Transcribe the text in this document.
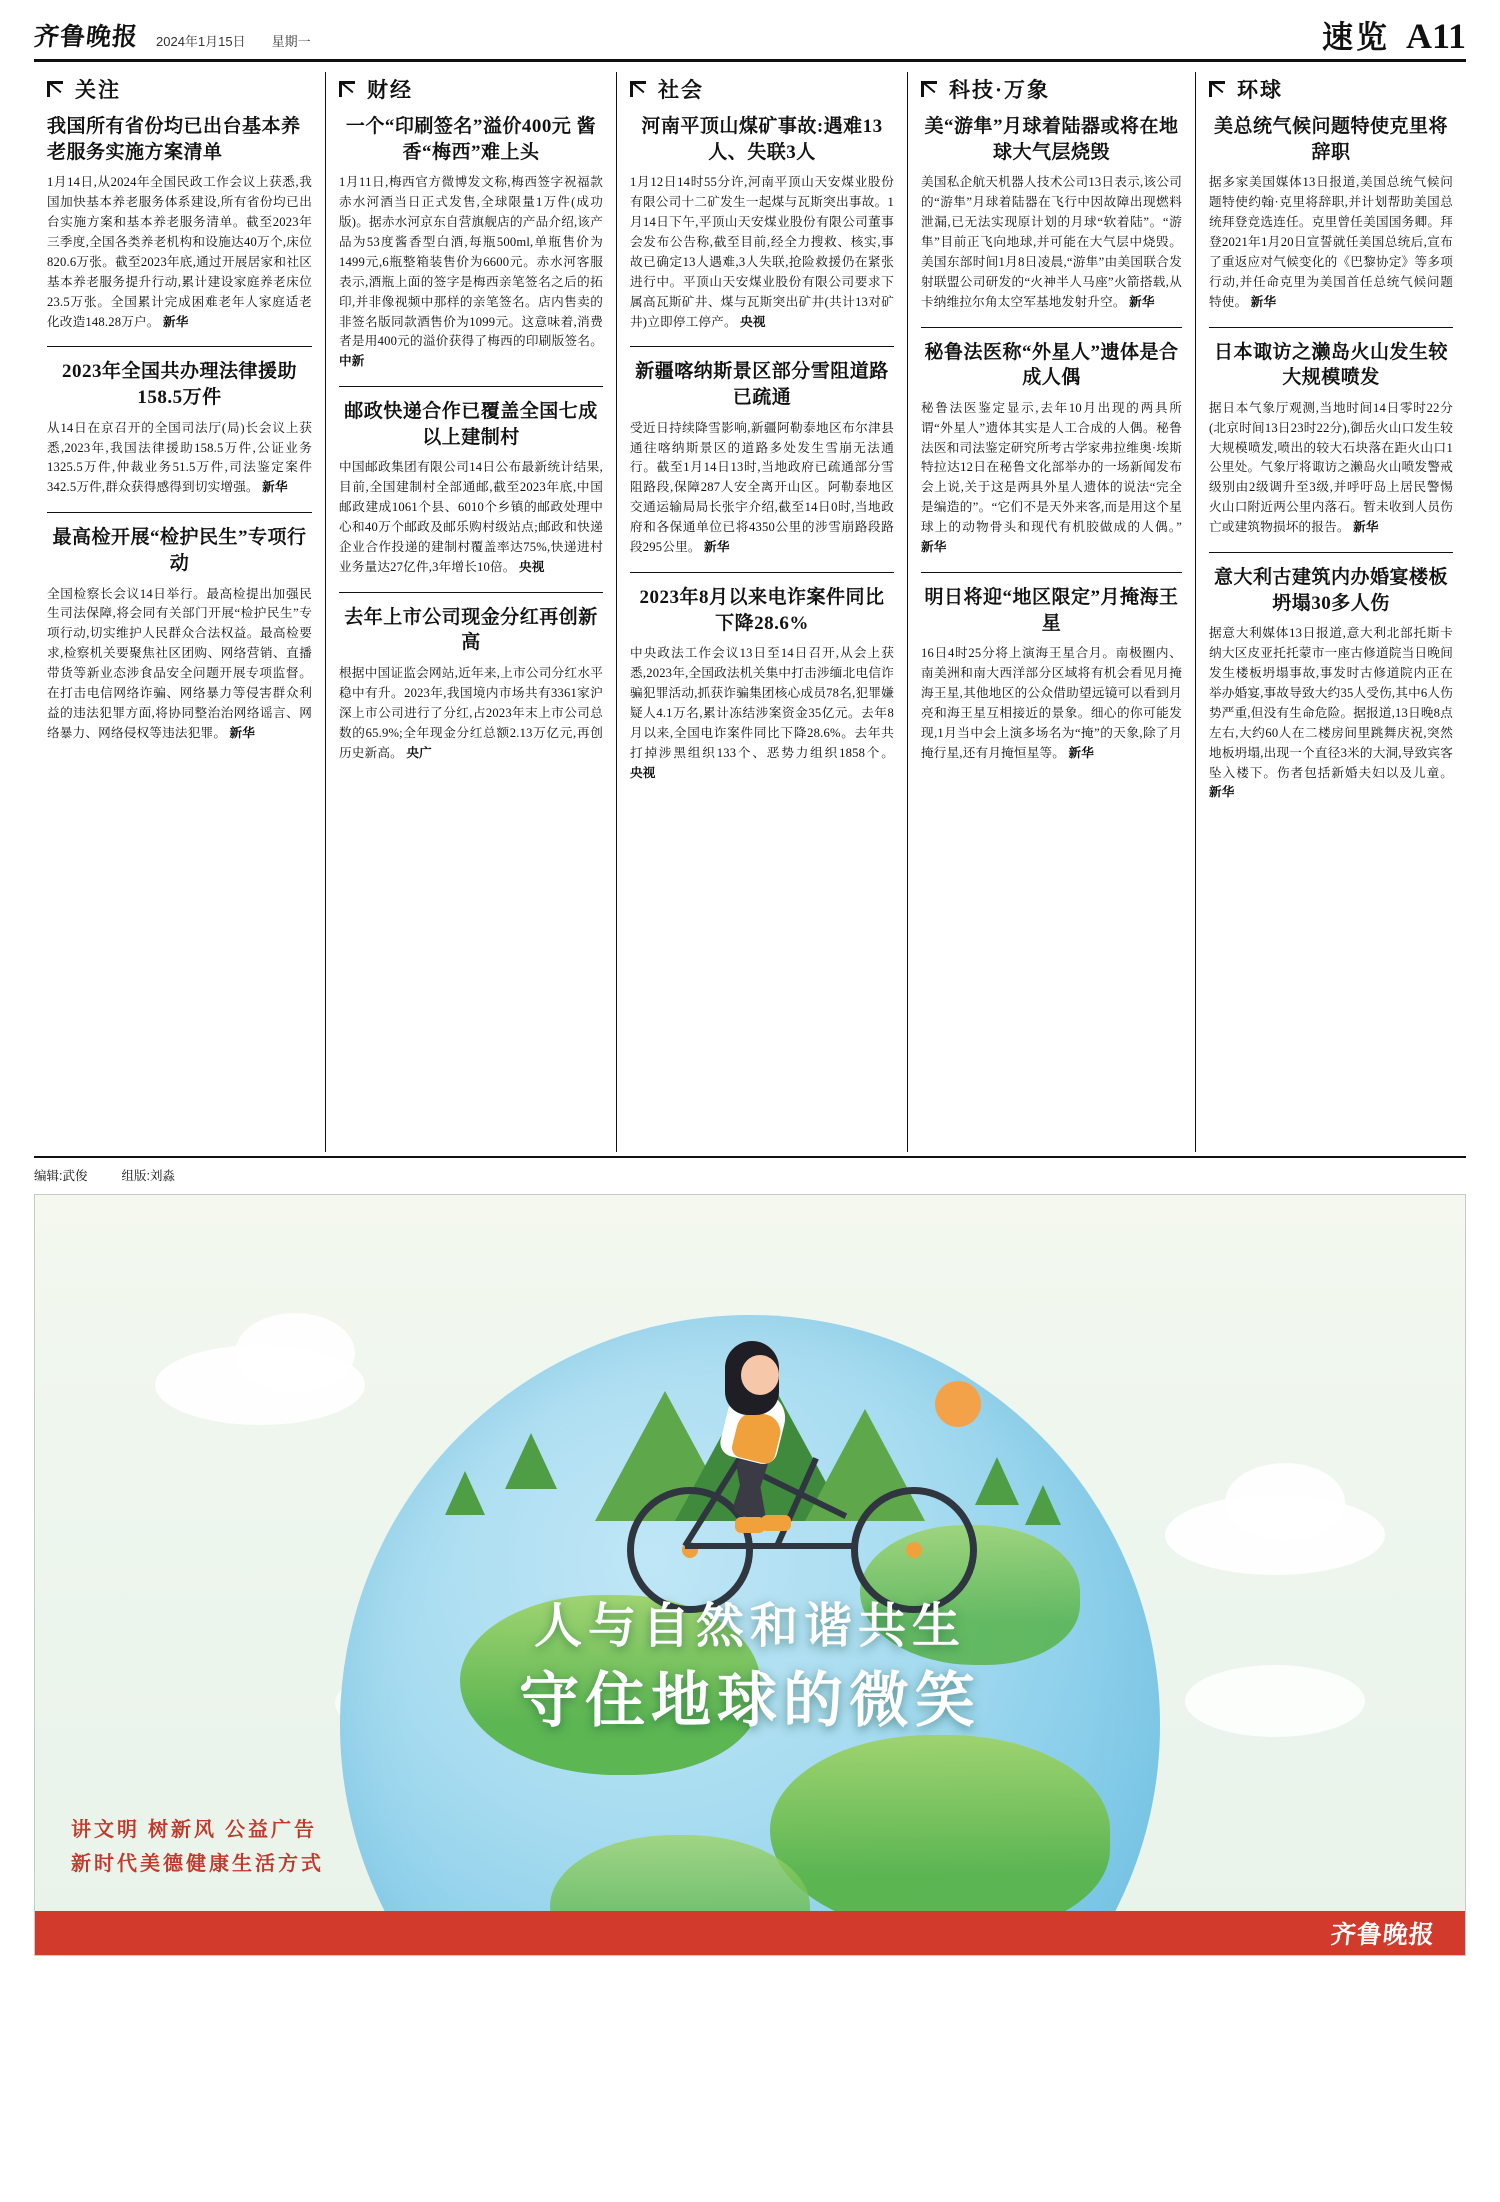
齐鲁晚报 2024年1月15日 星期一	速览 A11
关注
我国所有省份均已出台基本养老服务实施方案清单
1月14日,从2024年全国民政工作会议上获悉,我国加快基本养老服务体系建设,所有省份均已出台实施方案和基本养老服务清单。截至2023年三季度,全国各类养老机构和设施达40万个,床位820.6万张。截至2023年底,通过开展居家和社区基本养老服务提升行动,累计建设家庭养老床位23.5万张。全国累计完成困难老年人家庭适老化改造148.28万户。 新华
2023年全国共办理法律援助158.5万件
从14日在京召开的全国司法厅(局)长会议上获悉,2023年,我国法律援助158.5万件,公证业务1325.5万件,仲裁业务51.5万件,司法鉴定案件342.5万件,群众获得感得到切实增强。 新华
最高检开展“检护民生”专项行动
全国检察长会议14日举行。最高检提出加强民生司法保障,将会同有关部门开展“检护民生”专项行动,切实维护人民群众合法权益。最高检要求,检察机关要聚焦社区团购、网络营销、直播带货等新业态涉食品安全问题开展专项监督。在打击电信网络诈骗、网络暴力等侵害群众利益的违法犯罪方面,将协同整治治网络谣言、网络暴力、网络侵权等违法犯罪。 新华
财经
一个“印刷签名”溢价400元 酱香“梅西”难上头
1月11日,梅西官方微博发文称,梅西签字祝福款赤水河酒当日正式发售,全球限量1万件(成功版)。据赤水河京东自营旗舰店的产品介绍,该产品为53度酱香型白酒,每瓶500ml,单瓶售价为1499元,6瓶整箱装售价为6600元。赤水河客服表示,酒瓶上面的签字是梅西亲笔签名之后的拓印,并非像视频中那样的亲笔签名。店内售卖的非签名版同款酒售价为1099元。这意味着,消费者是用400元的溢价获得了梅西的印刷版签名。 中新
邮政快递合作已覆盖全国七成以上建制村
中国邮政集团有限公司14日公布最新统计结果,目前,全国建制村全部通邮,截至2023年底,中国邮政建成1061个县、6010个乡镇的邮政处理中心和40万个邮政及邮乐购村级站点;邮政和快递企业合作投递的建制村覆盖率达75%,快递进村业务量达27亿件,3年增长10倍。 央视
去年上市公司现金分红再创新高
根据中国证监会网站,近年来,上市公司分红水平稳中有升。2023年,我国境内市场共有3361家沪深上市公司进行了分红,占2023年末上市公司总数的65.9%;全年现金分红总额2.13万亿元,再创历史新高。 央广
社会
河南平顶山煤矿事故:遇难13人、失联3人
1月12日14时55分许,河南平顶山天安煤业股份有限公司十二矿发生一起煤与瓦斯突出事故。1月14日下午,平顶山天安煤业股份有限公司董事会发布公告称,截至目前,经全力搜救、核实,事故已确定13人遇难,3人失联,抢险救援仍在紧张进行中。平顶山天安煤业股份有限公司要求下属高瓦斯矿井、煤与瓦斯突出矿井(共计13对矿井)立即停工停产。 央视
新疆喀纳斯景区部分雪阻道路已疏通
受近日持续降雪影响,新疆阿勒泰地区布尔津县通往喀纳斯景区的道路多处发生雪崩无法通行。截至1月14日13时,当地政府已疏通部分雪阻路段,保障287人安全离开山区。阿勒泰地区交通运输局局长张宇介绍,截至14日0时,当地政府和各保通单位已将4350公里的涉雪崩路段路段295公里。 新华
2023年8月以来电诈案件同比下降28.6%
中央政法工作会议13日至14日召开,从会上获悉,2023年,全国政法机关集中打击涉缅北电信诈骗犯罪活动,抓获诈骗集团核心成员78名,犯罪嫌疑人4.1万名,累计冻结涉案资金35亿元。去年8月以来,全国电诈案件同比下降28.6%。去年共打掉涉黑组织133个、恶势力组织1858个。 央视
科技·万象
美“游隼”月球着陆器或将在地球大气层烧毁
美国私企航天机器人技术公司13日表示,该公司的“游隼”月球着陆器在飞行中因故障出现燃料泄漏,已无法实现原计划的月球“软着陆”。“游隼”目前正飞向地球,并可能在大气层中烧毁。美国东部时间1月8日凌晨,“游隼”由美国联合发射联盟公司研发的“火神半人马座”火箭搭载,从卡纳维拉尔角太空军基地发射升空。 新华
秘鲁法医称“外星人”遗体是合成人偶
秘鲁法医鉴定显示,去年10月出现的两具所谓“外星人”遗体其实是人工合成的人偶。秘鲁法医和司法鉴定研究所考古学家弗拉维奥·埃斯特拉达12日在秘鲁文化部举办的一场新闻发布会上说,关于这是两具外星人遗体的说法“完全是编造的”。“它们不是天外来客,而是用这个星球上的动物骨头和现代有机胶做成的人偶。” 新华
明日将迎“地区限定”月掩海王星
16日4时25分将上演海王星合月。南极圈内、南美洲和南大西洋部分区域将有机会看见月掩海王星,其他地区的公众借助望远镜可以看到月亮和海王星互相接近的景象。细心的你可能发现,1月当中会上演多场名为“掩”的天象,除了月掩行星,还有月掩恒星等。 新华
环球
美总统气候问题特使克里将辞职
据多家美国媒体13日报道,美国总统气候问题特使约翰·克里将辞职,并计划帮助美国总统拜登竞选连任。克里曾任美国国务卿。拜登2021年1月20日宣誓就任美国总统后,宣布了重返应对气候变化的《巴黎协定》等多项行动,并任命克里为美国首任总统气候问题特使。 新华
日本诹访之濑岛火山发生较大规模喷发
据日本气象厅观测,当地时间14日零时22分(北京时间13日23时22分),御岳火山口发生较大规模喷发,喷出的较大石块落在距火山口1公里处。气象厅将诹访之濑岛火山喷发警戒级别由2级调升至3级,并呼吁岛上居民警惕火山口附近两公里内落石。暂未收到人员伤亡或建筑物损坏的报告。 新华
意大利古建筑内办婚宴楼板坍塌30多人伤
据意大利媒体13日报道,意大利北部托斯卡纳大区皮亚托托蒙市一座古修道院当日晚间发生楼板坍塌事故,事发时古修道院内正在举办婚宴,事故导致大约35人受伤,其中6人伤势严重,但没有生命危险。据报道,13日晚8点左右,大约60人在二楼房间里跳舞庆祝,突然地板坍塌,出现一个直径3米的大洞,导致宾客坠入楼下。伤者包括新婚夫妇以及儿童。 新华
编辑:武俊	组版:刘淼
人与自然和谐共生
守住地球的微笑
讲文明 树新风 公益广告
新时代美德健康生活方式
齐鲁晚报
